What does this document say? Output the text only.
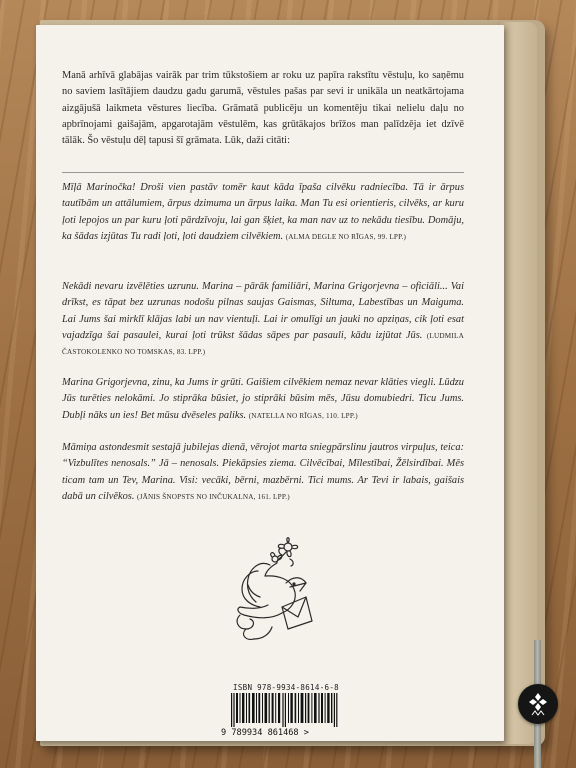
Manā arhīvā glabājas vairāk par trim tūkstošiem ar roku uz papīra rakstītu vēstuļu, ko saņēmu no saviem lasītājiem daudzu gadu garumā, vēstules pašas par sevi ir unikāla un neatkārtojama aizgājušā laikmeta vēstures liecība. Grāmatā publicēju un komentēju tikai nelielu daļu no apbrīnojami gaišajām, apgarotajām vēstulēm, kas grūtākajos brīžos man palīdzēja iet dzīvē tālāk. Šo vēstuļu dēļ tapusi šī grāmata. Lūk, daži citāti:
Mīļā Marinočka! Droši vien pastāv tomēr kaut kāda īpaša cilvēku radniecība. Tā ir ārpus tautībām un attālumiem, ārpus dzimuma un ārpus laika. Man Tu esi orientieris, cilvēks, ar kuru ļoti lepojos un par kuru ļoti pārdzīvoju, lai gan šķiet, ka man nav uz to nekādu tiesību. Domāju, ka šādas izjūtas Tu radi ļoti, ļoti daudziem cilvēkiem. (ALMA DEGLE NO RĪGAS, 99. LPP.)
Nekādi nevaru izvēlēties uzrunu. Marina – pārāk familiāri, Marina Grigorjevna – oficiāli... Vai drīkst, es tāpat bez uzrunas nodošu pilnas saujas Gaismas, Siltuma, Labestības un Maiguma. Lai Jums šai mirklī klājas labi un nav vientuļi. Lai ir omulīgi un jauki no apziņas, cik ļoti esat vajadzīga šai pasaulei, kurai ļoti trūkst šādas sāpes par pasauli, kādu izjūtat Jūs. (LUDMILA ČASTOKOLENKO NO TOMSKAS, 83. LPP.)
Marina Grigorjevna, zinu, ka Jums ir grūti. Gaišiem cilvēkiem nemaz nevar klāties viegli. Lūdzu Jūs turēties nelokāmi. Jo stiprāka būsiet, jo stiprāki būsim mēs, Jūsu domubiedri. Ticu Jums. Dubļi nāks un ies! Bet mūsu dvēseles paliks. (NATELLA NO RĪGAS, 110. LPP.)
Māmiņa astondesmit sestajā jubilejas dienā, vērojot marta sniegpārslinu jautros virpuļus, teica: “Vizbulītes nenosals.” Jā – nenosals. Piekāpsies ziema. Cilvēcībai, Mīlestībai, Žēlsirdībai. Mēs ticam tam un Tev, Marina. Visi: vecāki, bērni, mazbērni. Tici mums. Ar Tevi ir labais, gaišais dabā un cilvēkos. (JĀNIS ŠNOPSTS NO INČUKALNA, 161. LPP.)
ISBN 978-9934-8614-6-8
9 789934 861468 >
